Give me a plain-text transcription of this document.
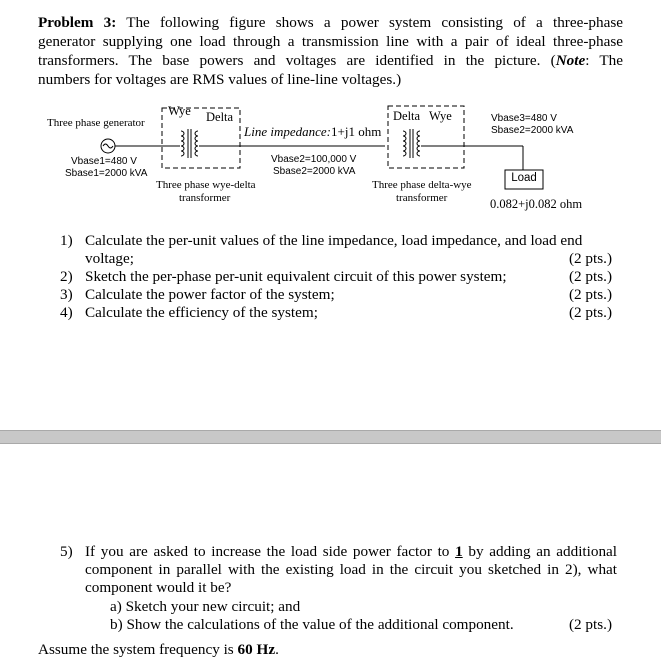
Problem 3: The following figure shows a power system consisting of a three-phase
generator supplying one load through a transmission line with a pair of ideal three-phase
transformers. The base powers and voltages are identified in the picture. (Note: The
numbers for voltages are RMS values of line-line voltages.)
Three phase generator
Vbase1=480 V
Sbase1=2000 kVA
Wye Delta
Three phase wye-delta
transformer
Line impedance:1+j1 ohm
Vbase2=100,000 V
Sbase2=2000 kVA
Delta Wye
Three phase delta-wye
transformer
Vbase3=480 V
Sbase2=2000 kVA
Load
0.082+j0.082 ohm
1) Calculate the per-unit values of the line impedance, load impedance, and load end
voltage;	(2 pts.)
2) Sketch the per-phase per-unit equivalent circuit of this power system;	(2 pts.)
3) Calculate the power factor of the system;	(2 pts.)
4) Calculate the efficiency of the system;	(2 pts.)
5) If you are asked to increase the load side power factor to 1 by adding an additional
component in parallel with the existing load in the circuit you sketched in 2), what
component would it be?
a) Sketch your new circuit; and
b) Show the calculations of the value of the additional component.	(2 pts.)
Assume the system frequency is 60 Hz.
